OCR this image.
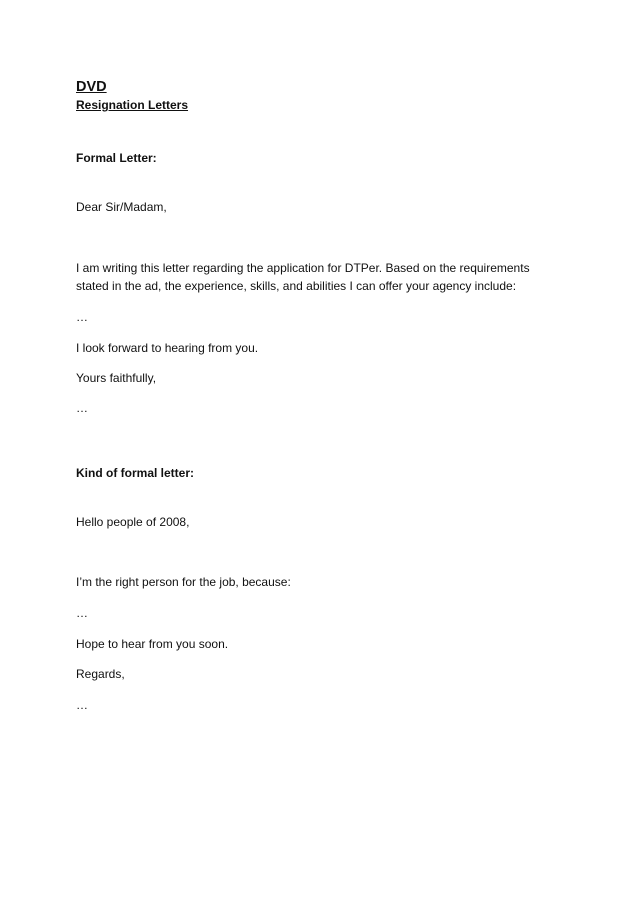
DVD
Resignation Letters
Formal Letter:
Dear Sir/Madam,
I am writing this letter regarding the application for DTPer. Based on the requirements
stated in the ad, the experience, skills, and abilities I can offer your agency include:
…
I look forward to hearing from you.
Yours faithfully,
…
Kind of formal letter:
Hello people of 2008,
I’m the right person for the job, because:
…
Hope to hear from you soon.
Regards,
…
